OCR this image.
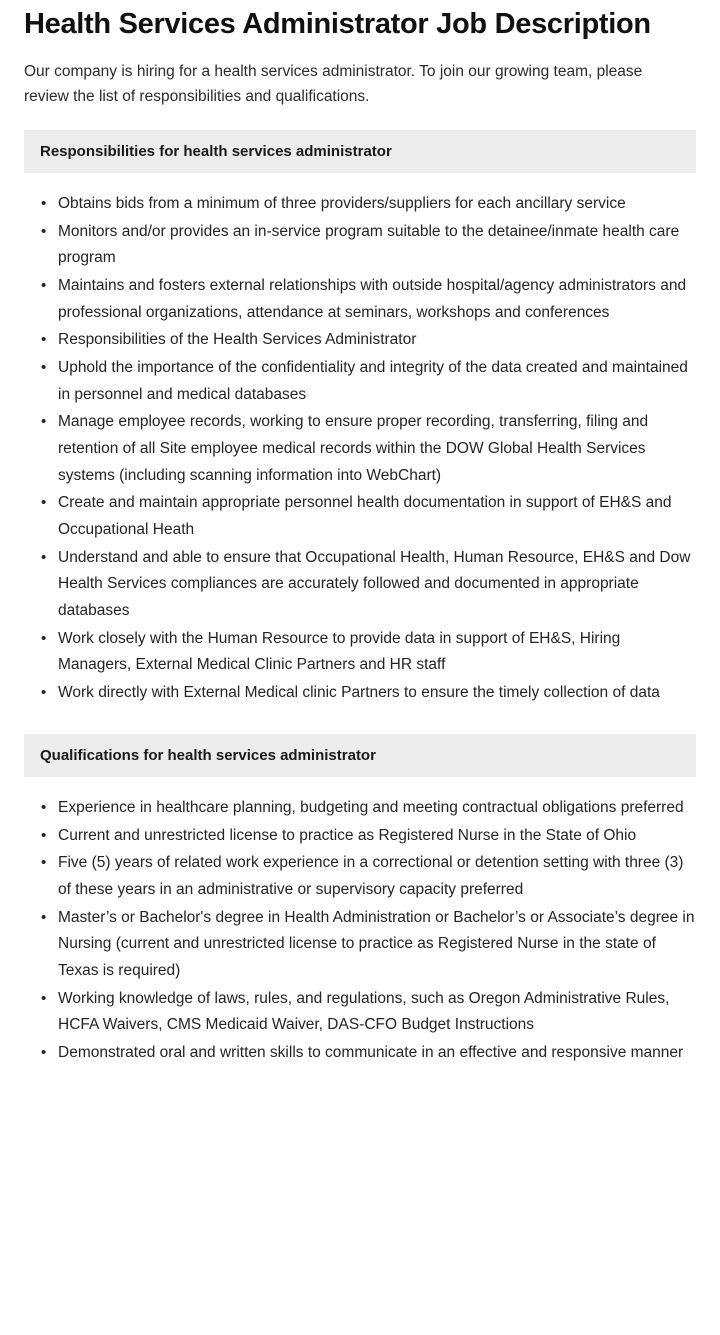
Health Services Administrator Job Description

Our company is hiring for a health services administrator. To join our growing team, please review the list of responsibilities and qualifications.

Responsibilities for health services administrator
• Obtains bids from a minimum of three providers/suppliers for each ancillary service
• Monitors and/or provides an in-service program suitable to the detainee/inmate health care program
• Maintains and fosters external relationships with outside hospital/agency administrators and professional organizations, attendance at seminars, workshops and conferences
• Responsibilities of the Health Services Administrator
• Uphold the importance of the confidentiality and integrity of the data created and maintained in personnel and medical databases
• Manage employee records, working to ensure proper recording, transferring, filing and retention of all Site employee medical records within the DOW Global Health Services systems (including scanning information into WebChart)
• Create and maintain appropriate personnel health documentation in support of EH&S and Occupational Heath
• Understand and able to ensure that Occupational Health, Human Resource, EH&S and Dow Health Services compliances are accurately followed and documented in appropriate databases
• Work closely with the Human Resource to provide data in support of EH&S, Hiring Managers, External Medical Clinic Partners and HR staff
• Work directly with External Medical clinic Partners to ensure the timely collection of data
Qualifications for health services administrator
• Experience in healthcare planning, budgeting and meeting contractual obligations preferred
• Current and unrestricted license to practice as Registered Nurse in the State of Ohio
• Five (5) years of related work experience in a correctional or detention setting with three (3) of these years in an administrative or supervisory capacity preferred
• Master’s or Bachelor's degree in Health Administration or Bachelor’s or Associate’s degree in Nursing (current and unrestricted license to practice as Registered Nurse in the state of Texas is required)
• Working knowledge of laws, rules, and regulations, such as Oregon Administrative Rules, HCFA Waivers, CMS Medicaid Waiver, DAS-CFO Budget Instructions
• Demonstrated oral and written skills to communicate in an effective and responsive manner
